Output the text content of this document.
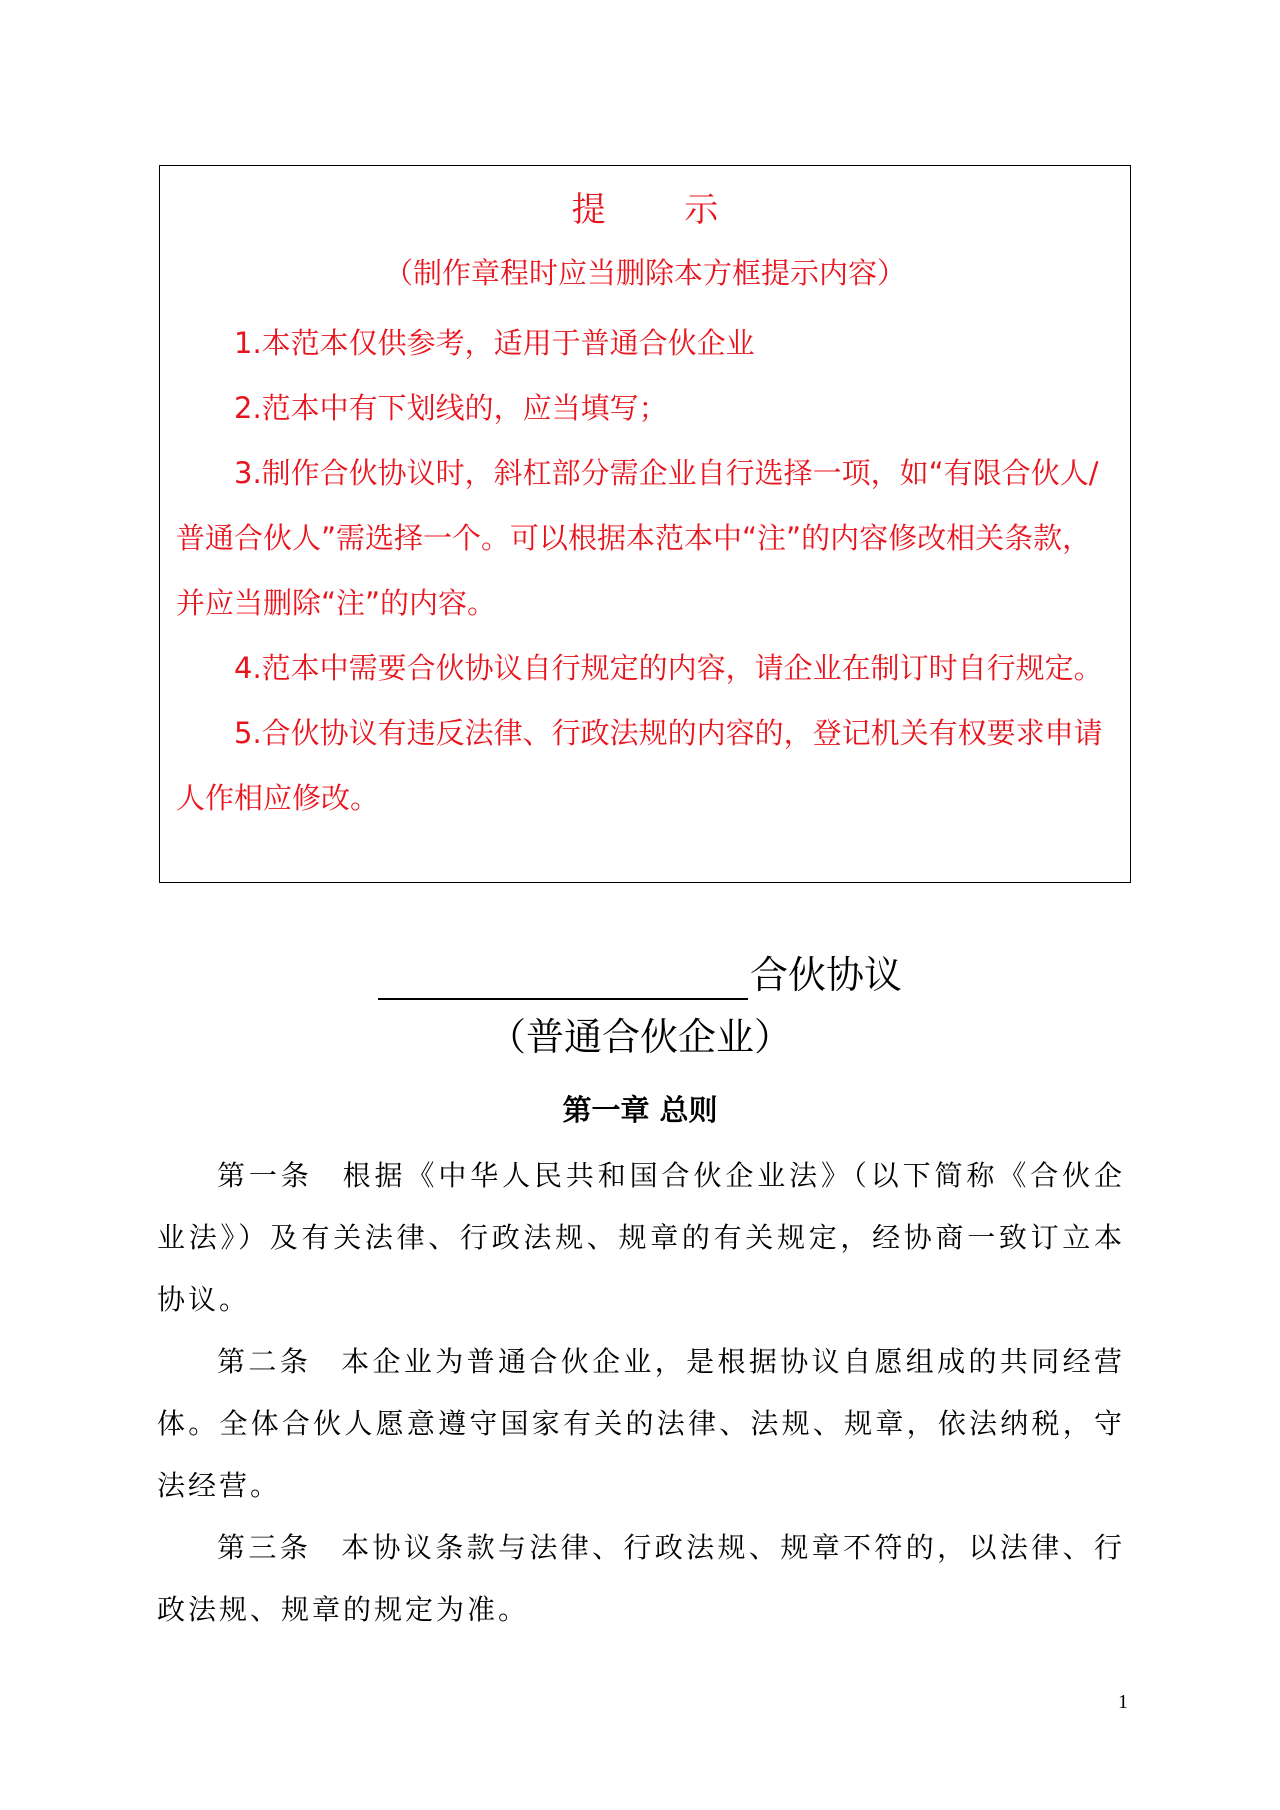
提 示
（制作章程时应当删除本方框提示内容）

1.本范本仅供参考，适用于普通合伙企业

2.范本中有下划线的，应当填写；

3.制作合伙协议时，斜杠部分需企业自行选择一项，如“有限合伙人/普通合伙人”需选择一个。可以根据本范本中“注”的内容修改相关条款，并应当删除“注”的内容。

4.范本中需要合伙协议自行规定的内容，请企业在制订时自行规定。

5.合伙协议有违反法律、行政法规的内容的，登记机关有权要求申请人作相应修改。

合伙协议
（普通合伙企业）
第一章 总则

第一条 根据《中华人民共和国合伙企业法》（以下简称《合伙企业法》）及有关法律、行政法规、规章的有关规定，经协商一致订立本协议。

第二条 本企业为普通合伙企业，是根据协议自愿组成的共同经营体。全体合伙人愿意遵守国家有关的法律、法规、规章，依法纳税，守法经营。

第三条 本协议条款与法律、行政法规、规章不符的，以法律、行政法规、规章的规定为准。

1
